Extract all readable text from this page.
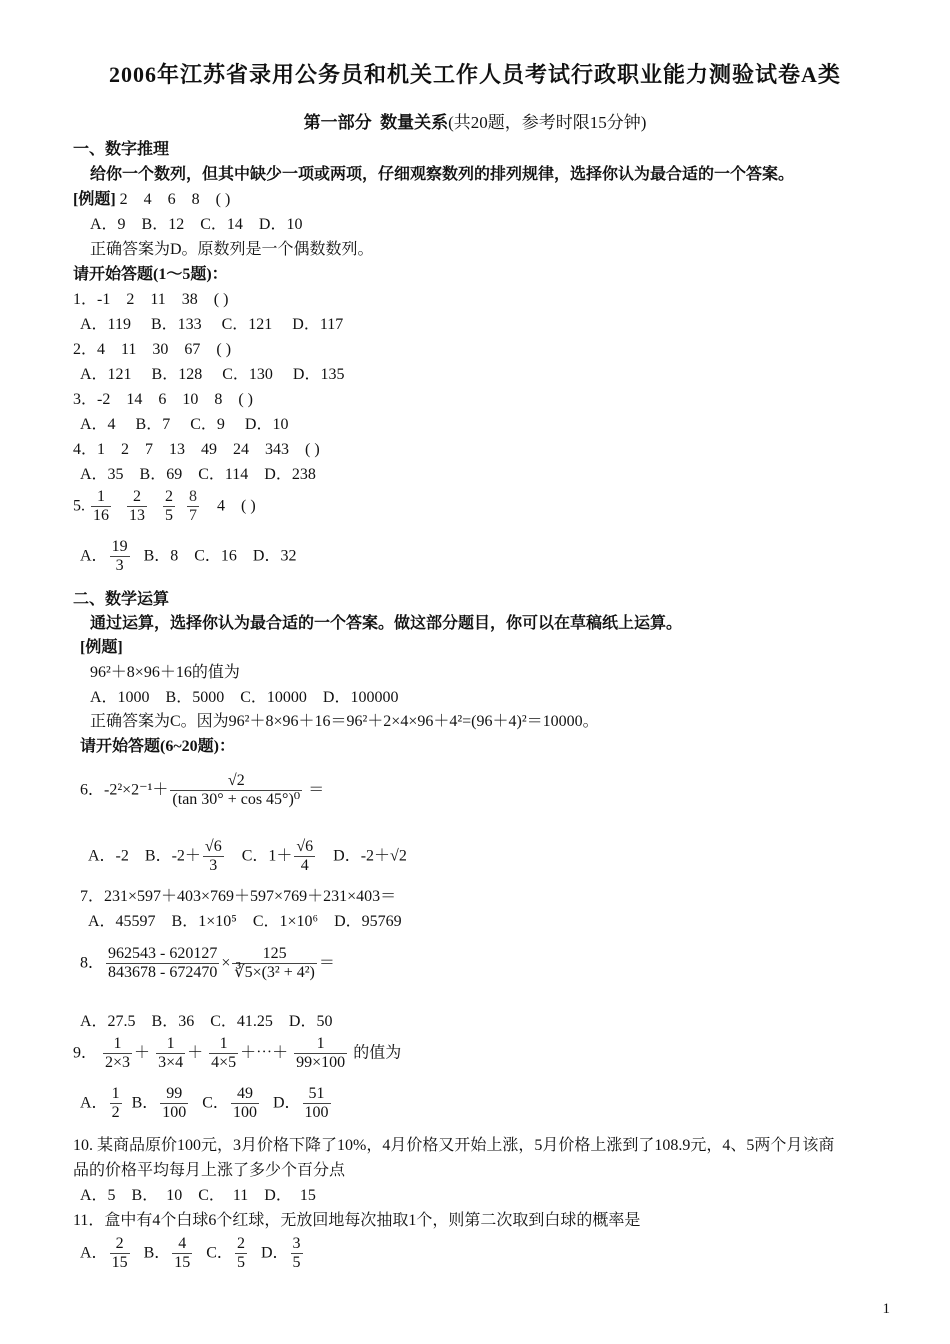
2006年江苏省录用公务员和机关工作人员考试行政职业能力测验试卷A类
第一部分 数量关系(共20题，参考时限15分钟)
一、数字推理
给你一个数列，但其中缺少一项或两项，仔细观察数列的排列规律，选择你认为最合适的一个答案。
[例题] 2　4　6　8　( )
A．9　B．12　C．14　D．10
正确答案为D。原数列是一个偶数数列。
请开始答题(1～5题)：
1．-1　2　11　38　( )
A．119　 B．133　 C．121　 D．117
2．4　11　30　67　( )
A．121　 B．128　 C．130　 D．135
3．-2　14　6　10　8　( )
A．4　 B．7　 C．9　 D．10
4．1　2　7　13　49　24　343　( )
A．35　B．69　C．114　D．238
5. $\frac{1}{16}$
$\frac{2}{13}$
$\frac{2}{5}$
$\frac{8}{7} 4$　( )
A． $\frac{19}{3}$ B．8　C．16　D．32
二、数学运算
通过运算，选择你认为最合适的一个答案。做这部分题目，你可以在草稿纸上运算。
[例题]
96²＋8×96＋16的值为
A．1000　B．5000　C．10000　D．100000
正确答案为C。因为96²＋8×96＋16＝96²＋2×4×96＋4²=(96＋4)²＝10000。
请开始答题(6~20题)：
6．$-2^2\times 2^{-1}+ \frac{√2}{\text{(tan 30° + cos 45°)⁰}}$ ＝
A．-2 B．$-2+ \frac{√6}{3}$ C．$1+ \frac{√6}{4}$ D．-2＋√2
7．231×597＋403×769＋597×769＋231×403＝
A．45597　B．1×10⁵　C．1×10⁶　D．95769
8． $\frac{962543 - 620127}{843678 - 672470} \times \frac{125}{\text{∛5×(3² + 4²)}}$ ＝
A．27.5　B．36　C．41.25　D．50
9． $\frac{1}{2\times 3} + \frac{1}{3\times 4} + \frac{1}{4\times 5}$ ＋⋯＋ $\frac{1}{99\times 100}$ 的值为
A． $\frac{1}{2}$ B． $\frac{99}{100}$ C． $\frac{49}{100}$ D． $\frac{51}{100}$
10. 某商品原价100元，3月价格下降了10%，4月价格又开始上涨，5月价格上涨到了108.9元，4、5两个月该商
品的价格平均每月上涨了多少个百分点
A．5　B．　10　C．　11　D．　15
11．盒中有4个白球6个红球，无放回地每次抽取1个，则第二次取到白球的概率是
A． $\frac{2}{15}$ B． $\frac{4}{15}$ C． $\frac{2}{5}$ D． $\frac{3}{5}$
1
